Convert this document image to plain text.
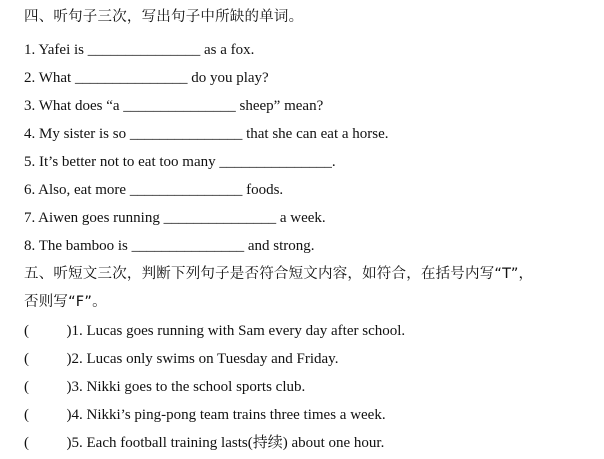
四、听句子三次，写出句子中所缺的单词。
1. Yafei is _______________ as a fox.
2. What _______________ do you play?
3. What does “a _______________ sheep” mean?
4. My sister is so _______________ that she can eat a horse.
5. It’s better not to eat too many _______________.
6. Also, eat more _______________ foods.
7. Aiwen goes running _______________ a week.
8. The bamboo is _______________ and strong.
五、听短文三次，判断下列句子是否符合短文内容，如符合，在括号内写“T”，
否则写“F”。
(          )1. Lucas goes running with Sam every day after school.
(          )2. Lucas only swims on Tuesday and Friday.
(          )3. Nikki goes to the school sports club.
(          )4. Nikki’s ping-pong team trains three times a week.
(          )5. Each football training lasts(持续) about one hour.
